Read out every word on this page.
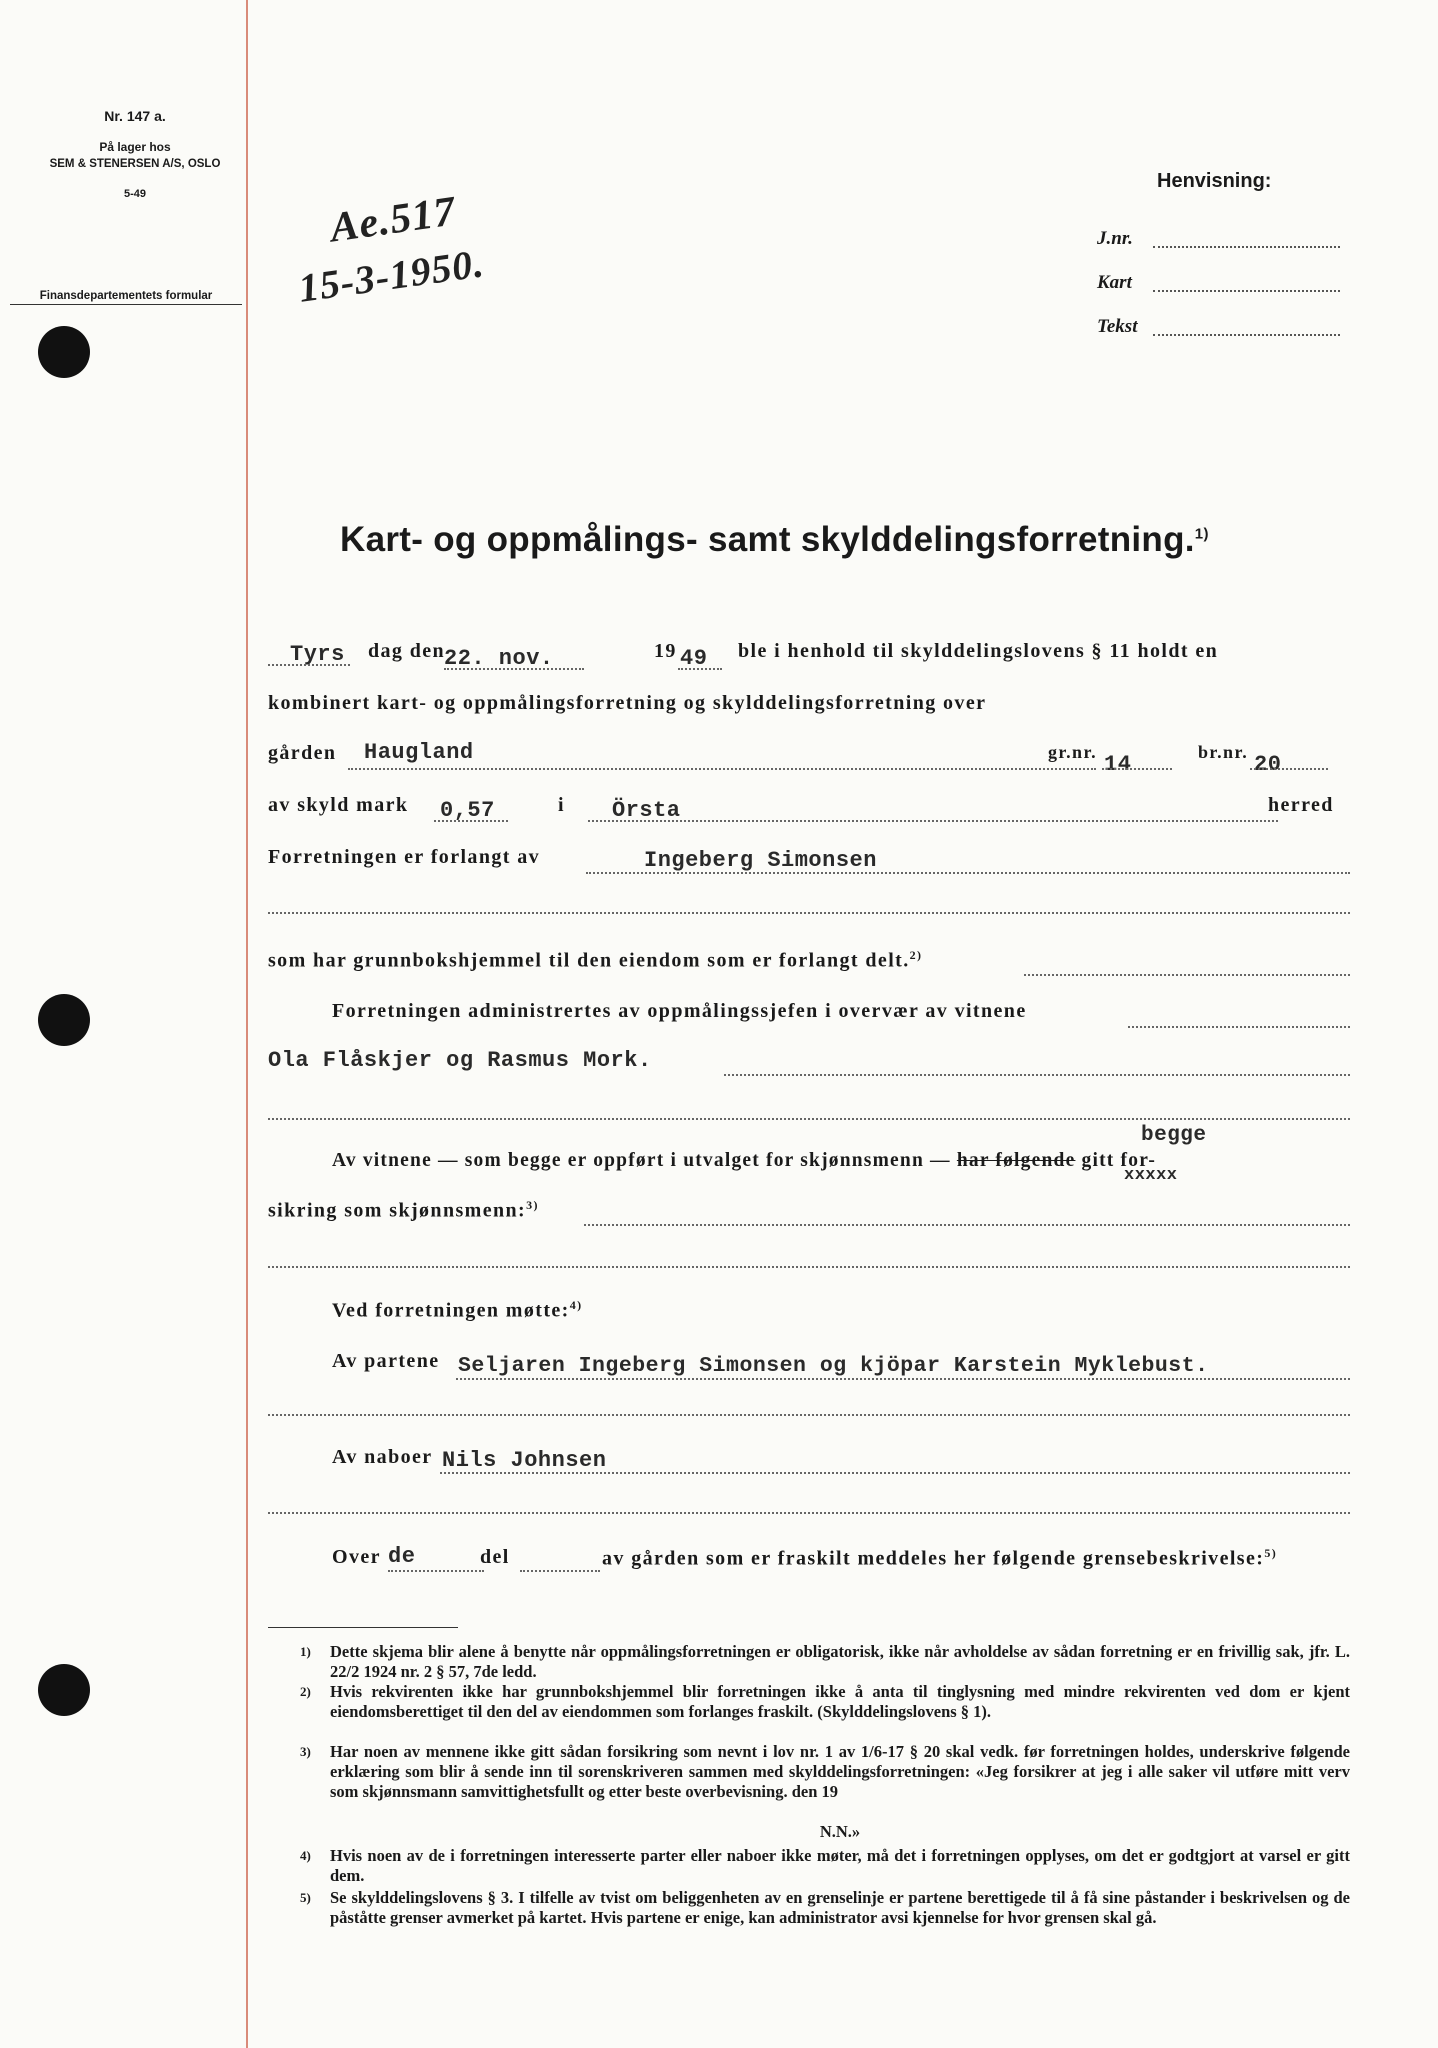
Nr. 147 a.
På lager hos
SEM & STENERSEN A/S, OSLO
5-49
Finansdepartementets formular
Ae.517
15-3-1950.
Henvisning:
J.nr.
Kart
Tekst
Kart- og oppmålings- samt skylddelingsforretning.$^{1)}$
Tyrs dag den
22. nov.	19 49 ble i henhold til skylddelingslovens § 11 holdt en
kombinert kart- og oppmålingsforretning og skylddelingsforretning over
gården Haugland	gr.nr. 14	br.nr. 20
av skyld mark 0,57	i Örsta	herred
Forretningen er forlangt av	Ingeberg Simonsen
som har grunnbokshjemmel til den eiendom som er forlangt delt.$^{2)}$
Forretningen administrertes av oppmålingssjefen i overvær av vitnene
Ola Flåskjer og Rasmus Mork.
begge
Av vitnene — som begge er oppført i utvalget for skjønnsmenn — har følgende gitt for-
xxxxx
sikring som skjønnsmenn:$^{3)}$
Ved forretningen møtte:$^{4)}$
Av partene Seljaren Ingeberg Simonsen og kjöpar Karstein Myklebust.
Av naboer Nils Johnsen
Over de	del	av gården som er fraskilt meddeles her følgende grensebeskrivelse:$^{5)}$
1) Dette skjema blir alene å benytte når oppmålingsforretningen er obligatorisk, ikke når avholdelse av sådan forretning er en frivillig sak, jfr. L. 22/2 1924 nr. 2 § 57, 7de ledd.
2) Hvis rekvirenten ikke har grunnbokshjemmel blir forretningen ikke å anta til tinglysning med mindre rekvirenten ved dom er kjent eiendomsberettiget til den del av eiendommen som forlanges fraskilt. (Skylddelingslovens § 1).
3) Har noen av mennene ikke gitt sådan forsikring som nevnt i lov nr. 1 av 1/6-17 § 20 skal vedk. før forretningen holdes, underskrive følgende erklæring som blir å sende inn til sorenskriveren sammen med skylddelingsforretningen: «Jeg forsikrer at jeg i alle saker vil utføre mitt verv som skjønnsmann samvittighetsfullt og etter beste overbevisning. den 19
N.N.»
4) Hvis noen av de i forretningen interesserte parter eller naboer ikke møter, må det i forretningen opplyses, om det er godtgjort at varsel er gitt dem.
5) Se skylddelingslovens § 3. I tilfelle av tvist om beliggenheten av en grenselinje er partene berettigede til å få sine påstander i beskrivelsen og de påståtte grenser avmerket på kartet. Hvis partene er enige, kan administrator avsi kjennelse for hvor grensen skal gå.
